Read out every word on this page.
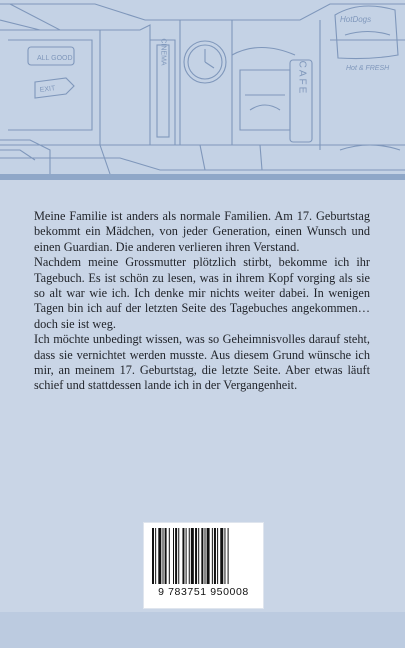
ALL GOOD
EXIT
HotDogs
Hot & FRESH
CAFE
CINEMA

Meine Familie ist anders als normale Familien. Am 17. Geburtstag bekommt ein Mädchen, von jeder Generation, einen Wunsch und einen Guardian. Die anderen verlieren ihren Verstand.

Nachdem meine Grossmutter plötzlich stirbt, bekomme ich ihr Tagebuch. Es ist schön zu lesen, was in ihrem Kopf vorging als sie so alt war wie ich. Ich denke mir nichts weiter dabei. In wenigen Tagen bin ich auf der letzten Seite des Tagebuches angekommen… doch sie ist weg.

Ich möchte unbedingt wissen, was so Geheimnisvolles darauf steht, dass sie vernichtet werden musste. Aus diesem Grund wünsche ich mir, an meinem 17. Geburtstag, die letzte Seite. Aber etwas läuft schief und stattdessen lande ich in der Vergangenheit.

9 783751 950008
